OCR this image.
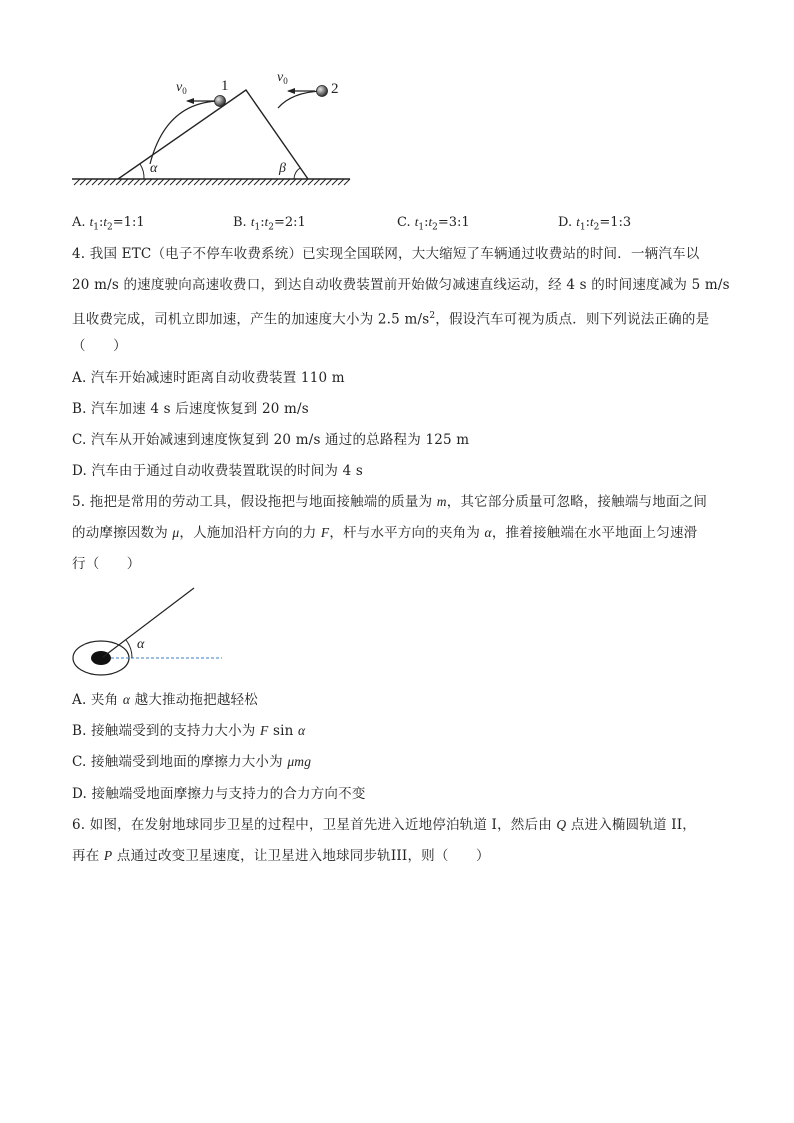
$v_0$ 1
$v_0$	2
α	β
A. $t_1:t_2=1:1$	B. $t_1:t_2=2:1$	C. $t_1:t_2=3:1$	D. $t_1:t_2=1:3$
4. 我国 ETC（电子不停车收费系统）已实现全国联网，大大缩短了车辆通过收费站的时间．一辆汽车以
20 m/s 的速度驶向高速收费口，到达自动收费装置前开始做匀减速直线运动，经 4 s 的时间速度减为 5 m/s
且收费完成，司机立即加速，产生的加速度大小为 2.5 $m/s^2$，假设汽车可视为质点．则下列说法正确的是
（　　）
A. 汽车开始减速时距离自动收费装置 110 m
B. 汽车加速 4 s 后速度恢复到 20 m/s
C. 汽车从开始减速到速度恢复到 20 m/s 通过的总路程为 125 m
D. 汽车由于通过自动收费装置耽误的时间为 4 s
5. 拖把是常用的劳动工具，假设拖把与地面接触端的质量为 m，其它部分质量可忽略，接触端与地面之间
的动摩擦因数为 μ，人施加沿杆方向的力 F，杆与水平方向的夹角为 α，推着接触端在水平地面上匀速滑
行（　　）
α
A. 夹角 α 越大推动拖把越轻松
B. 接触端受到的支持力大小为 F sin α
C. 接触端受到地面的摩擦力大小为 μmg
D. 接触端受地面摩擦力与支持力的合力方向不变
6. 如图，在发射地球同步卫星的过程中，卫星首先进入近地停泊轨道 I，然后由 Q 点进入椭圆轨道 II，
再在 P 点通过改变卫星速度，让卫星进入地球同步轨III，则（　　）
